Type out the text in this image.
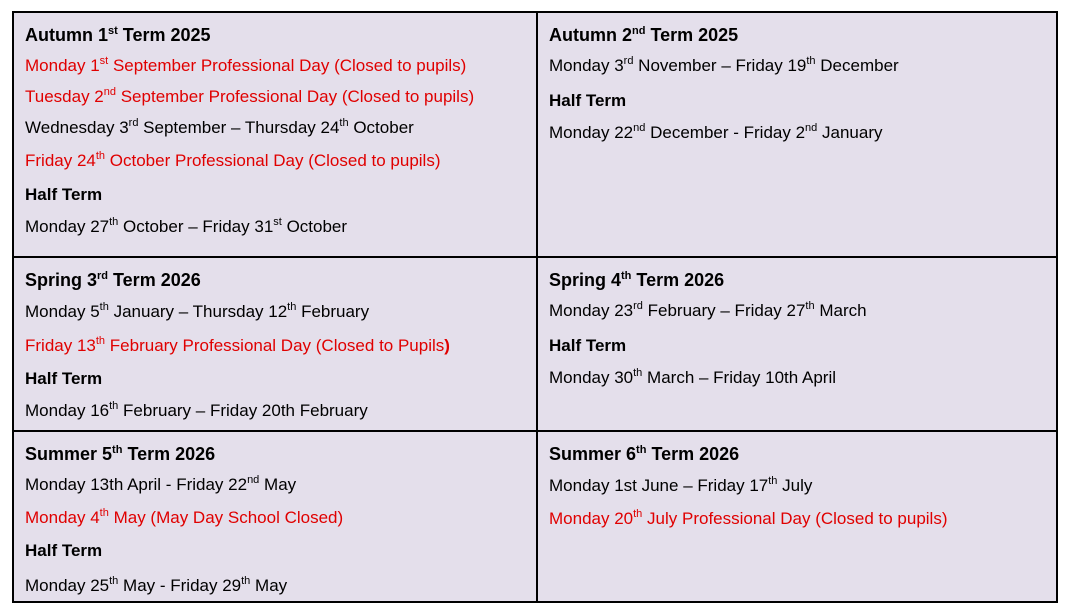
Autumn 1st Term 2025
Monday 1st September Professional Day (Closed to pupils)
Tuesday 2nd September Professional Day (Closed to pupils)
Wednesday 3rd September – Thursday 24th October
Friday 24th October Professional Day (Closed to pupils)
Half Term
Monday 27th October – Friday 31st October
Autumn 2nd Term 2025
Monday 3rd November – Friday 19th December
Half Term
Monday 22nd December - Friday 2nd January
Spring 3rd Term 2026
Monday 5th January – Thursday 12th February
Friday 13th February Professional Day (Closed to Pupils)
Half Term
Monday 16th February – Friday 20th February
Spring 4th Term 2026
Monday 23rd February – Friday 27th March
Half Term
Monday 30th March – Friday 10th April
Summer 5th Term 2026
Monday 13th April - Friday 22nd May
Monday 4th May (May Day School Closed)
Half Term
Monday 25th May - Friday 29th May
Summer 6th Term 2026
Monday 1st June – Friday 17th July
Monday 20th July Professional Day (Closed to pupils)
